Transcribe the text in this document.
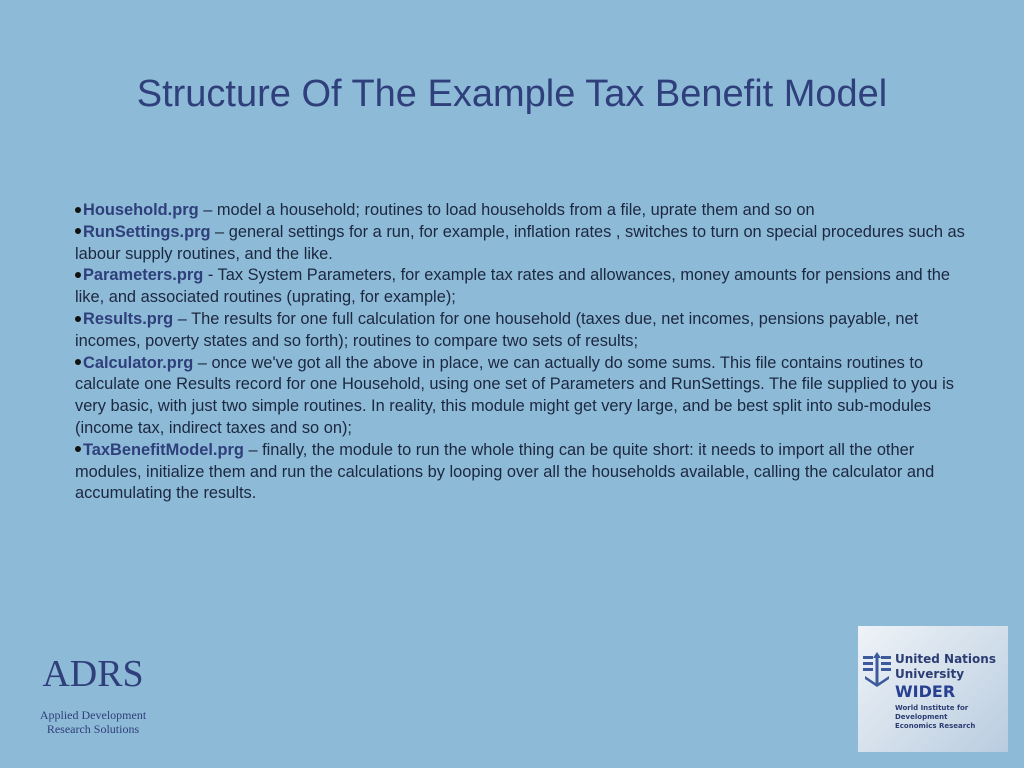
Structure Of The Example Tax Benefit Model
Household.prg – model a household; routines to load households from a file, uprate them and so on
RunSettings.prg – general settings for a run, for example, inflation rates , switches to turn on special procedures such as labour supply routines, and the like.
Parameters.prg - Tax System Parameters, for example tax rates and allowances, money amounts for pensions and the like, and associated routines (uprating, for example);
Results.prg – The results for one full calculation for one household (taxes due, net incomes, pensions payable, net incomes, poverty states and so forth); routines to compare two sets of results;
Calculator.prg – once we've got all the above in place, we can actually do some sums. This file contains routines to calculate one Results record for one Household, using one set of Parameters and RunSettings. The file supplied to you is very basic, with just two simple routines. In reality, this module might get very large, and be best split into sub-modules (income tax, indirect taxes and so on);
TaxBenefitModel.prg – finally, the module to run the whole thing can be quite short: it needs to import all the other modules, initialize them and run the calculations by looping over all the households available, calling the calculator and accumulating the results.
ADRS
Applied Development
Research Solutions
United Nations
University
WIDER
World Institute for Development
Economics Research
